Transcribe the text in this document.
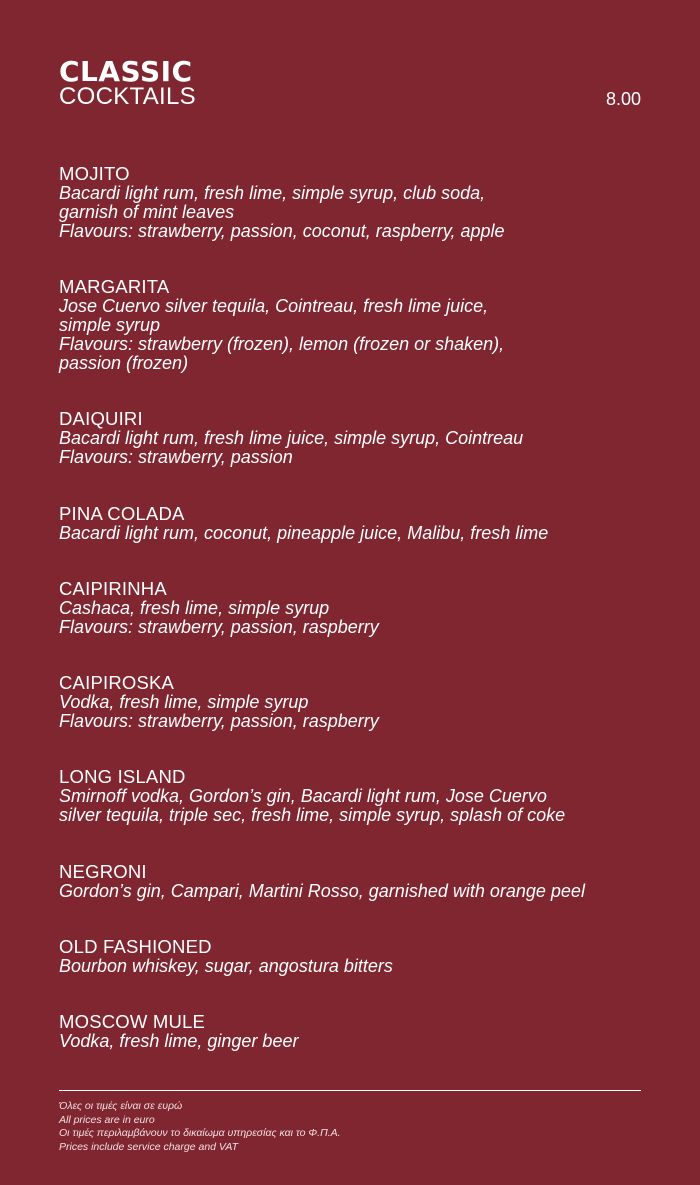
CLASSIC
COCKTAILS	8.00
MOJITO
Bacardi light rum, fresh lime, simple syrup, club soda,
garnish of mint leaves
Flavours: strawberry, passion, coconut, raspberry, apple
MARGARITA
Jose Cuervo silver tequila, Cointreau, fresh lime juice,
simple syrup
Flavours: strawberry (frozen), lemon (frozen or shaken),
passion (frozen)
DAIQUIRI
Bacardi light rum, fresh lime juice, simple syrup, Cointreau
Flavours: strawberry, passion
PINA COLADA
Bacardi light rum, coconut, pineapple juice, Malibu, fresh lime
CAIPIRINHA
Cashaca, fresh lime, simple syrup
Flavours: strawberry, passion, raspberry
CAIPIROSKA
Vodka, fresh lime, simple syrup
Flavours: strawberry, passion, raspberry
LONG ISLAND
Smirnoff vodka, Gordon’s gin, Bacardi light rum, Jose Cuervo
silver tequila, triple sec, fresh lime, simple syrup, splash of coke
NEGRONI
Gordon’s gin, Campari, Martini Rosso, garnished with orange peel
OLD FASHIONED
Bourbon whiskey, sugar, angostura bitters
MOSCOW MULE
Vodka, fresh lime, ginger beer
Όλες οι τιμές είναι σε ευρώ
All prices are in euro
Οι τιμές περιλαμβάνουν το δικαίωμα υπηρεσίας και το Φ.Π.Α.
Prices include service charge and VAT
